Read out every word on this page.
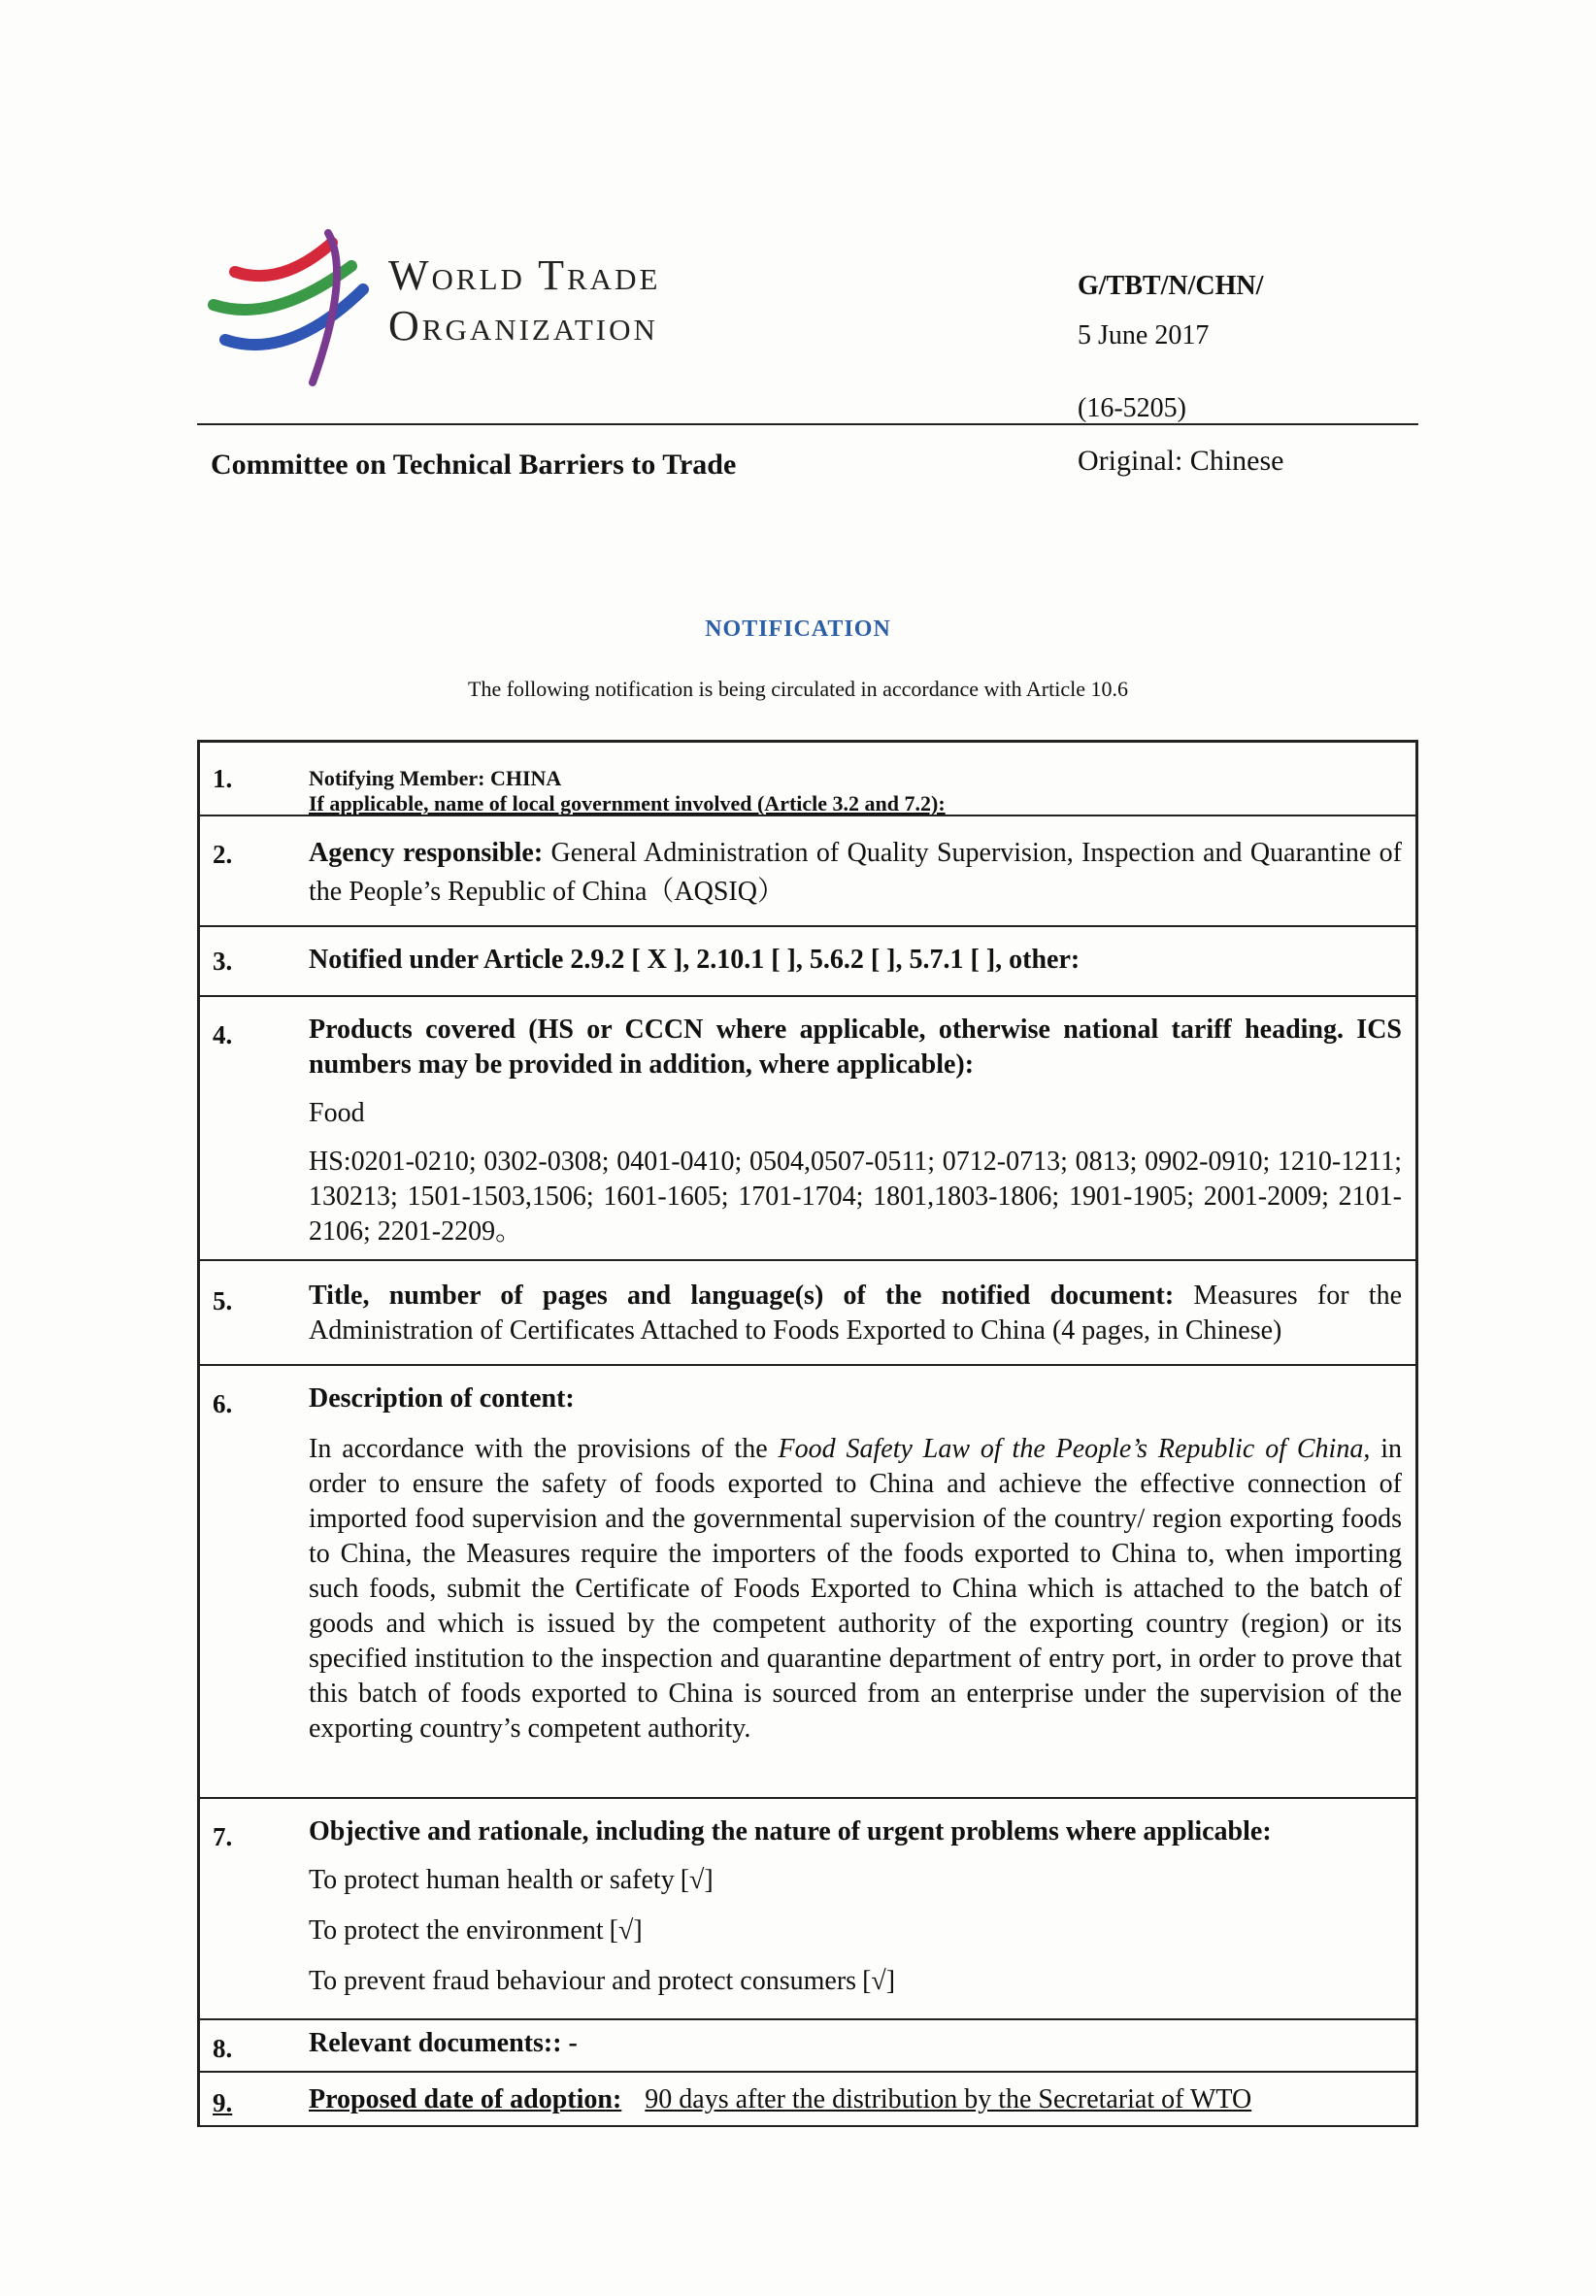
World Trade
Organization
G/TBT/N/CHN/
5 June 2017
(16-5205)
Committee on Technical Barriers to Trade	Original: Chinese
NOTIFICATION
The following notification is being circulated in accordance with Article 10.6
1.	Notifying Member: CHINA
If applicable, name of local government involved (Article 3.2 and 7.2):
2.	Agency responsible: General Administration of Quality Supervision, Inspection and Quarantine of the People’s Republic of China（AQSIQ）
3.	Notified under Article 2.9.2 [ X ], 2.10.1 [ ], 5.6.2 [ ], 5.7.1 [ ], other:
4.	Products covered (HS or CCCN where applicable, otherwise national tariff heading. ICS numbers may be provided in addition, where applicable):

Food

HS:0201-0210; 0302-0308; 0401-0410; 0504,0507-0511; 0712-0713; 0813; 0902-0910; 1210-1211; 130213; 1501-1503,1506; 1601-1605; 1701-1704; 1801,1803-1806; 1901-1905; 2001-2009; 2101-2106; 2201-2209。

5.	Title, number of pages and language(s) of the notified document: Measures for the Administration of Certificates Attached to Foods Exported to China (4 pages, in Chinese)
6.	Description of content:

In accordance with the provisions of the Food Safety Law of the People’s Republic of China, in order to ensure the safety of foods exported to China and achieve the effective connection of imported food supervision and the governmental supervision of the country/ region exporting foods to China, the Measures require the importers of the foods exported to China to, when importing such foods, submit the Certificate of Foods Exported to China which is attached to the batch of goods and which is issued by the competent authority of the exporting country (region) or its specified institution to the inspection and quarantine department of entry port, in order to prove that this batch of foods exported to China is sourced from an enterprise under the supervision of the exporting country’s competent authority.

7.	Objective and rationale, including the nature of urgent problems where applicable:

To protect human health or safety [√]

To protect the environment [√]

To prevent fraud behaviour and protect consumers [√]

8.	Relevant documents:: -
9.	Proposed date of adoption: 90 days after the distribution by the Secretariat of WTO
